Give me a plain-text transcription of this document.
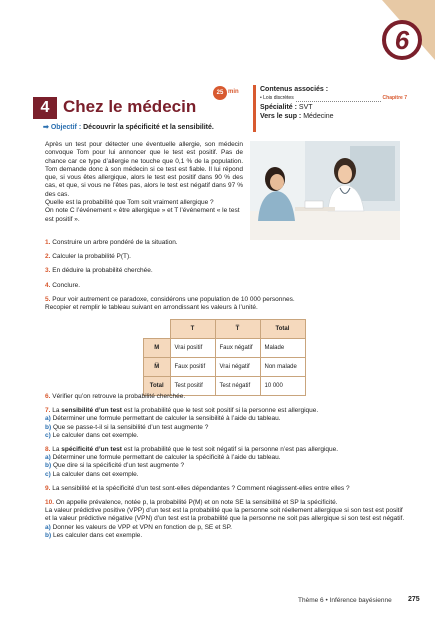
6
4 Chez le médecin
25 min
➡ Objectif : Découvrir la spécificité et la sensibilité.
Contenus associés :
• Lois discrètes	Chapitre 7
Spécialité : SVT
Vers le sup : Médecine
Après un test pour détecter une éventuelle allergie, son médecin convoque Tom pour lui annoncer que le test est positif. Pas de chance car ce type d’allergie ne touche que 0,1 % de la population. Tom demande donc à son médecin si ce test est fiable. Il lui répond que, si vous êtes allergique, alors le test est positif dans 90 % des cas, et que, si vous ne l’êtes pas, alors le test est négatif dans 97 % des cas.
Quelle est la probabilité que Tom soit vraiment allergique ?
On note C l’événement « être allergique » et T l’événement « le test est positif ».

1. Construire un arbre pondéré de la situation.

2. Calculer la probabilité P(T).

3. En déduire la probabilité cherchée.

4. Conclure.

5. Pour voir autrement ce paradoxe, considérons une population de 10 000 personnes.
Recopier et remplir le tableau suivant en arrondissant les valeurs à l’unité.

	T	T̅	Total
M	Vrai positif	Faux négatif	Malade
M̅	Faux positif	Vrai négatif	Non malade
Total	Test positif	Test négatif	10 000

6. Vérifier qu’on retrouve la probabilité cherchée.

7. La sensibilité d’un test est la probabilité que le test soit positif si la personne est allergique.

a) Déterminer une formule permettant de calculer la sensibilité à l’aide du tableau.

b) Que se passe-t-il si la sensibilité d’un test augmente ?

c) Le calculer dans cet exemple.

8. La spécificité d’un test est la probabilité que le test soit négatif si la personne n’est pas allergique.

a) Déterminer une formule permettant de calculer la spécificité à l’aide du tableau.

b) Que dire si la spécificité d’un test augmente ?

c) La calculer dans cet exemple.

9. La sensibilité et la spécificité d’un test sont-elles dépendantes ? Comment réagissent-elles entre elles ?

10. On appelle prévalence, notée p, la probabilité P(M) et on note SE la sensibilité et SP la spécificité.

La valeur prédictive positive (VPP) d’un test est la probabilité que la personne soit réellement allergique si son test est positif et la valeur prédictive négative (VPN) d’un test est la probabilité que la personne ne soit pas allergique si son test est négatif.

a) Donner les valeurs de VPP et VPN en fonction de p, SE et SP.

b) Les calculer dans cet exemple.

Thème 6 • Inférence bayésienne 275
